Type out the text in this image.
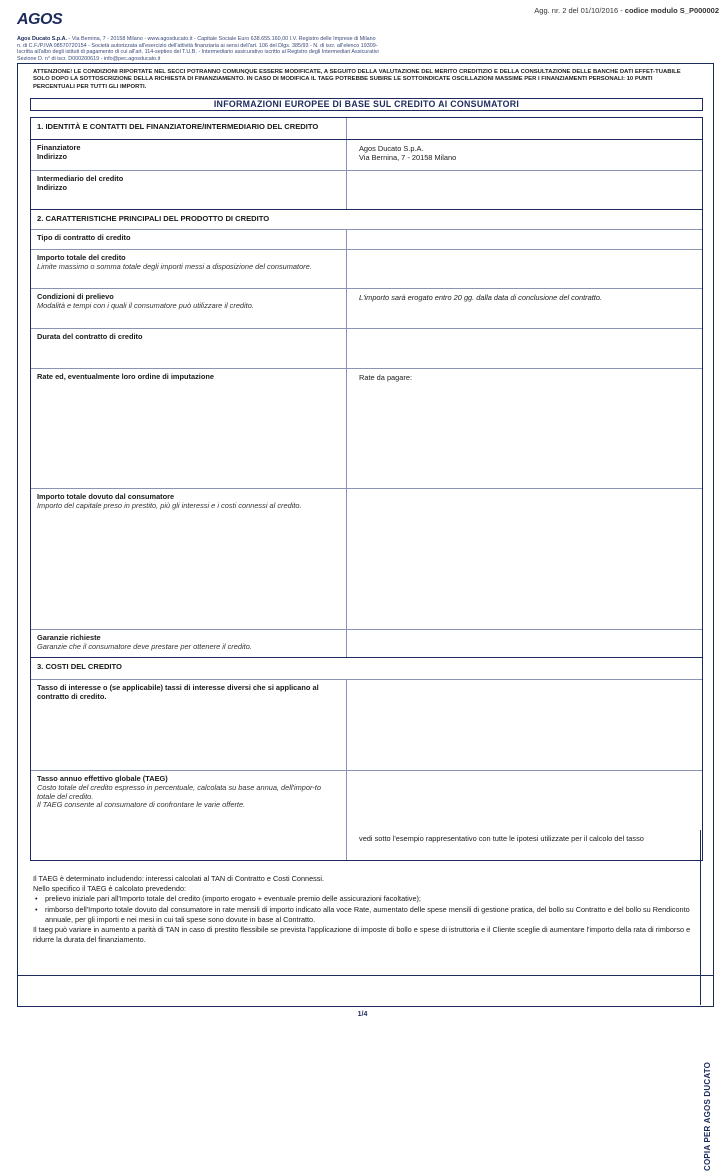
Agg. nr. 2 del 01/10/2016 - codice modulo S_P000002
AGOS
Agos Ducato S.p.A. - Via Bernina, 7 - 20158 Milano - www.agosducato.it - Capitale Sociale Euro 638.655.160,00 I.V. Registro delle Imprese di Milano
n. di C.F./P.IVA 08570720154 - Società autorizzata all'esercizio dell'attività finanziaria ai sensi dell'art. 106 del Dlgs. 385/93 - N. di iscr. all'elenco 19309-
Iscritta all'albo degli istituti di pagamento di cui all'art. 114-septies del T.U.B. - Intermediario assicurativo iscritto al Registro degli Intermediari Assicurativi
Sezione D. n° di iscr. D000200619 - info@pec.agosducato.it
ATTENZIONE! LE CONDIZIONI RIPORTATE NEL SECCI POTRANNO COMUNQUE ESSERE MODIFICATE, A SEGUITO DELLA VALUTAZIONE DEL MERITO CREDITIZIO E DELLA CONSULTAZIONE DELLE BANCHE DATI EFFET-TUABILE SOLO DOPO LA SOTTOSCRIZIONE DELLA RICHIESTA DI FINANZIAMENTO. IN CASO DI MODIFICA IL TAEG POTREBBE SUBIRE LE SOTTOINDICATE OSCILLAZIONI MASSIME PER I FINANZIAMENTI PERSONALI: 10 PUNTI PERCENTUALI PER TUTTI GLI IMPORTI.
INFORMAZIONI EUROPEE DI BASE SUL CREDITO AI CONSUMATORI
1. IDENTITÀ E CONTATTI DEL FINANZIATORE/INTERMEDIARIO DEL CREDITO
Finanziatore
Indirizzo
Agos Ducato S.p.A.
Via Bernina, 7 - 20158 Milano
Intermediario del credito
Indirizzo
2. CARATTERISTICHE PRINCIPALI DEL PRODOTTO DI CREDITO
Tipo di contratto di credito
Importo totale del credito
Limite massimo o somma totale degli importi messi a disposizione del consumatore.
Condizioni di prelievo
Modalità e tempi con i quali il consumatore può utilizzare il credito.
L'importo sarà erogato entro 20 gg. dalla data di conclusione del contratto.
Durata del contratto di credito
Rate ed, eventualmente loro ordine di imputazione	Rate da pagare:
Importo totale dovuto dal consumatore
Importo del capitale preso in prestito, più gli interessi e i costi connessi al credito.
Garanzie richieste
Garanzie che il consumatore deve prestare per ottenere il credito.
3. COSTI DEL CREDITO
Tasso di interesse o (se applicabile) tassi di interesse diversi che si applicano al contratto di credito.
Tasso annuo effettivo globale (TAEG)
Costo totale del credito espresso in percentuale, calcolata su base annua, dell'impor-to totale del credito.
Il TAEG consente al consumatore di confrontare le varie offerte.
vedi sotto l'esempio rappresentativo con tutte le ipotesi utilizzate per il calcolo del tasso
Il TAEG è determinato includendo: interessi calcolati al TAN di Contratto e Costi Connessi.
Nello specifico il TAEG è calcolato prevedendo:
• prelievo iniziale pari all'Importo totale del credito (importo erogato + eventuale premio delle assicurazioni facoltative);
• rimborso dell'Importo totale dovuto dal consumatore in rate mensili di importo indicato alla voce Rate, aumentato delle spese mensili di gestione pratica, del bollo su Contratto e del bollo su Rendiconto annuale, per gli importi e nei mesi in cui tali spese sono dovute in base al Contratto.
Il taeg può variare in aumento a parità di TAN in caso di prestito flessibile se prevista l'applicazione di imposte di bollo e spese di istruttoria e il Cliente sceglie di aumentare l'importo della rata di rimborso e ridurre la durata del finanziamento.
COPIA PER AGOS DUCATO
1/4
